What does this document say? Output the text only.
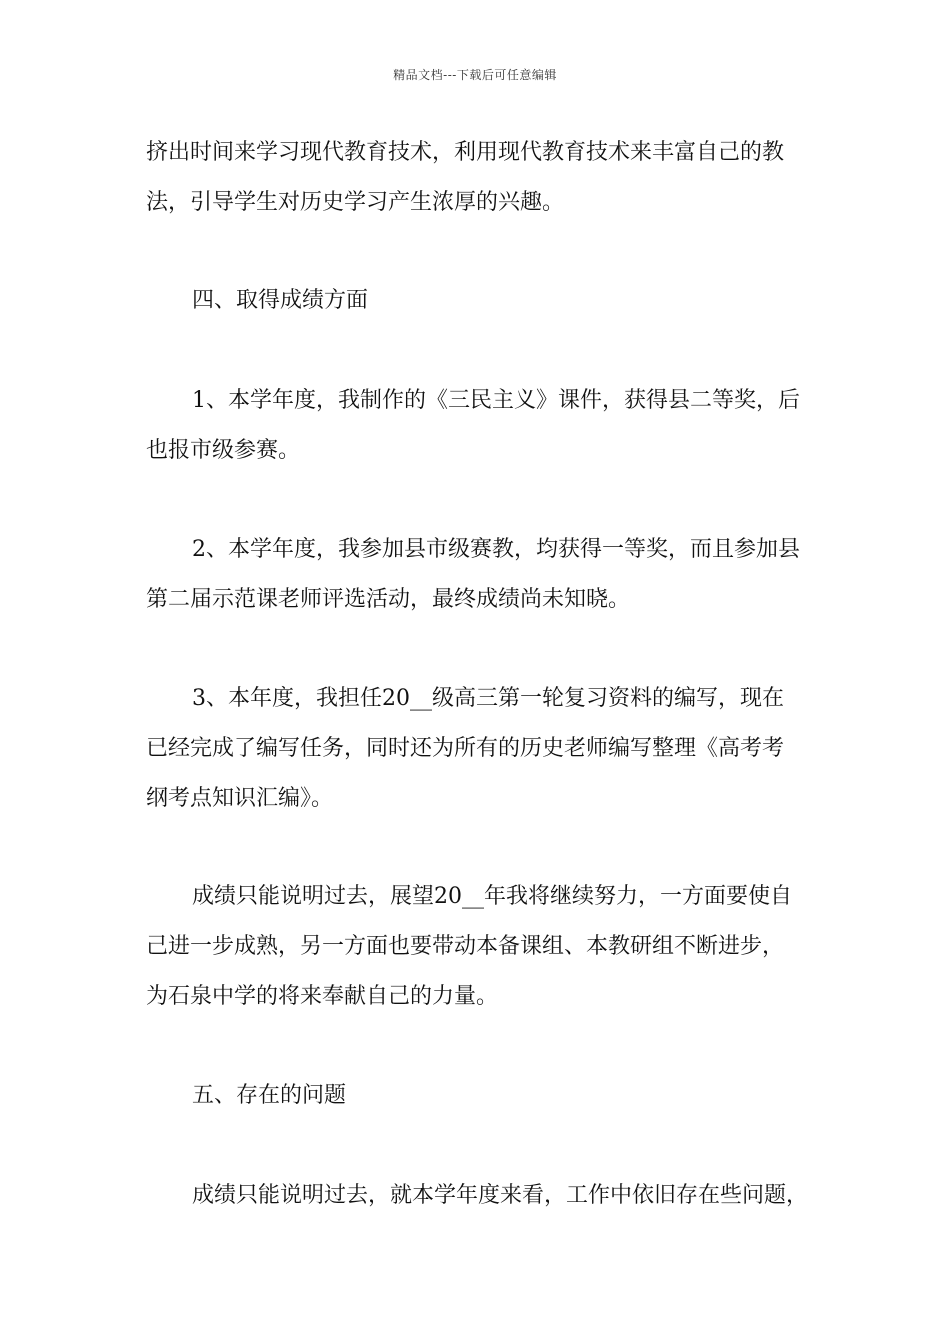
精品文档---下载后可任意编辑

挤出时间来学习现代教育技术，利用现代教育技术来丰富自己的教
法，引导学生对历史学习产生浓厚的兴趣。

四、取得成绩方面

1、本学年度，我制作的《三民主义》课件，获得县二等奖，后
也报市级参赛。

2、本学年度，我参加县市级赛教，均获得一等奖，而且参加县
第二届示范课老师评选活动，最终成绩尚未知晓。

3、本年度，我担任20__级高三第一轮复习资料的编写，现在
已经完成了编写任务，同时还为所有的历史老师编写整理《高考考
纲考点知识汇编》。

成绩只能说明过去，展望20__年我将继续努力，一方面要使自
己进一步成熟，另一方面也要带动本备课组、本教研组不断进步，
为石泉中学的将来奉献自己的力量。

五、存在的问题

成绩只能说明过去，就本学年度来看，工作中依旧存在些问题，
